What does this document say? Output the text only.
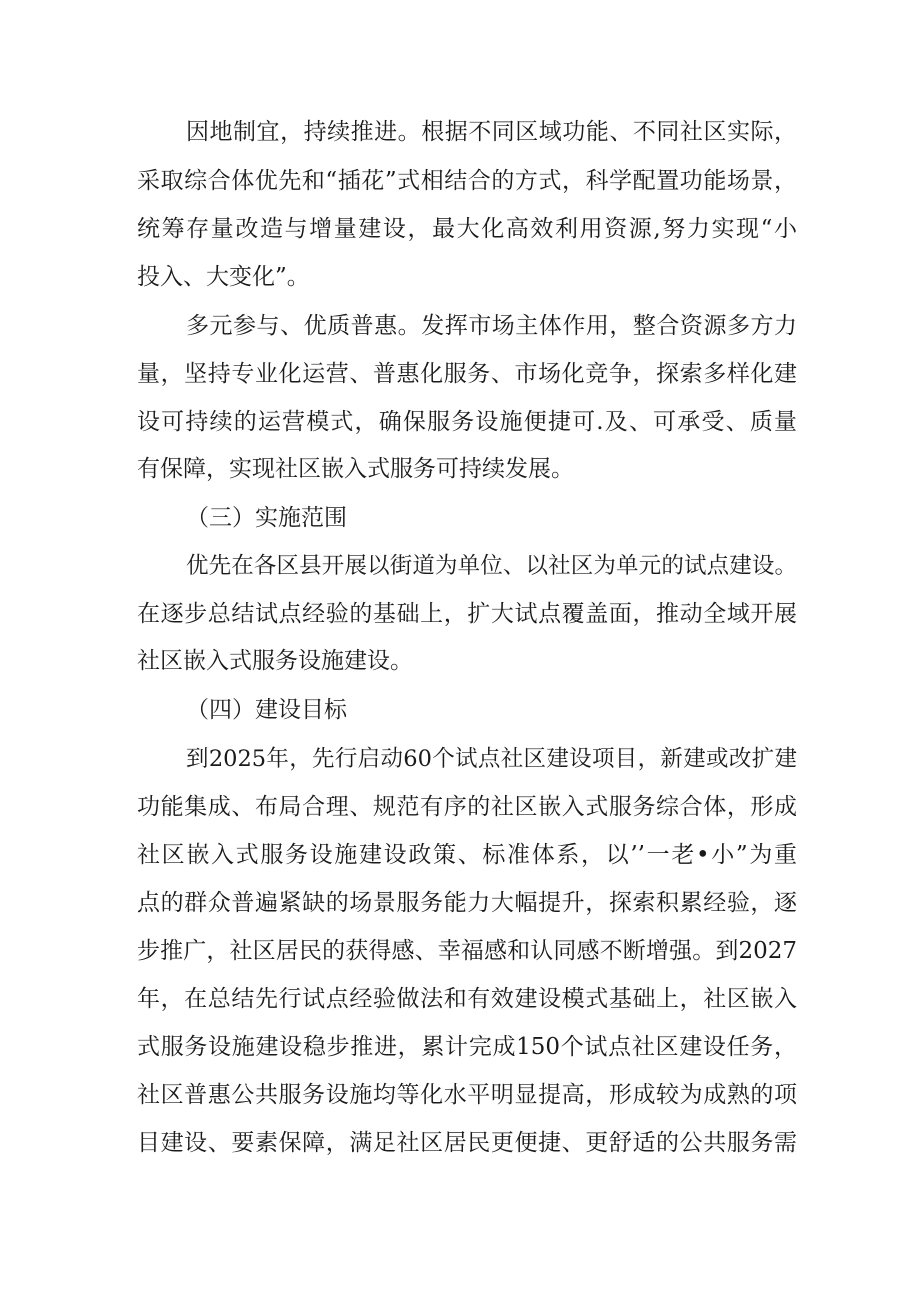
因地制宜，持续推进。根据不同区域功能、不同社区实际，
采取综合体优先和“插花”式相结合的方式，科学配置功能场景，
统筹存量改造与增量建设，最大化高效利用资源,努力实现“小
投入、大变化”。
多元参与、优质普惠。发挥市场主体作用，整合资源多方力
量，坚持专业化运营、普惠化服务、市场化竞争，探索多样化建
设可持续的运营模式，确保服务设施便捷可.及、可承受、质量
有保障，实现社区嵌入式服务可持续发展。
（三）实施范围
优先在各区县开展以街道为单位、以社区为单元的试点建设。
在逐步总结试点经验的基础上，扩大试点覆盖面，推动全域开展
社区嵌入式服务设施建设。
（四）建设目标
到2025年，先行启动60个试点社区建设项目，新建或改扩建
功能集成、布局合理、规范有序的社区嵌入式服务综合体，形成
社区嵌入式服务设施建设政策、标准体系，以’’一老•小”为重
点的群众普遍紧缺的场景服务能力大幅提升，探索积累经验，逐
步推广，社区居民的获得感、幸福感和认同感不断增强。到2027
年，在总结先行试点经验做法和有效建设模式基础上，社区嵌入
式服务设施建设稳步推进，累计完成150个试点社区建设任务，
社区普惠公共服务设施均等化水平明显提高，形成较为成熟的项
目建设、要素保障，满足社区居民更便捷、更舒适的公共服务需
